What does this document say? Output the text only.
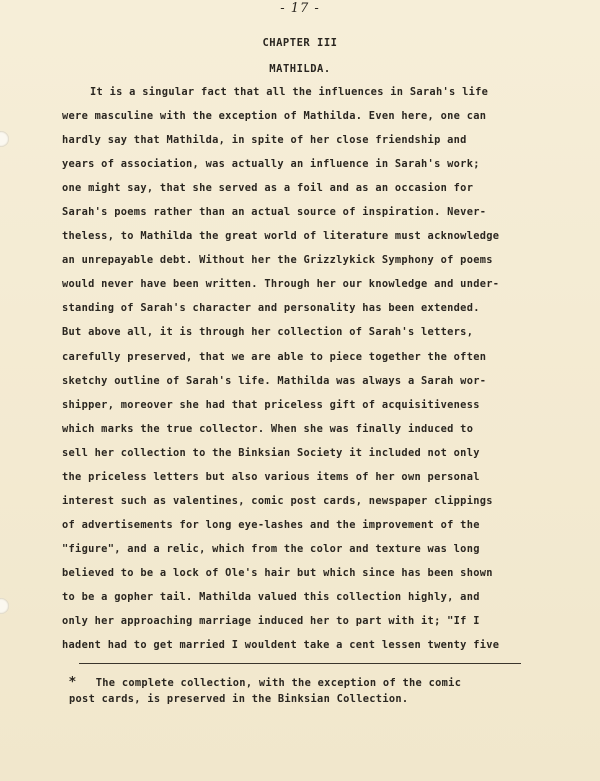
- 17 -
CHAPTER III
MATHILDA.
It is a singular fact that all the influences in Sarah's life
were masculine with the exception of Mathilda. Even here, one can
hardly say that Mathilda, in spite of her close friendship and
years of association, was actually an influence in Sarah's work;
one might say, that she served as a foil and as an occasion for
Sarah's poems rather than an actual source of inspiration. Never-
theless, to Mathilda the great world of literature must acknowledge
an unrepayable debt. Without her the Grizzlykick Symphony of poems
would never have been written. Through her our knowledge and under-
standing of Sarah's character and personality has been extended.
But above all, it is through her collection of Sarah's letters,
carefully preserved, that we are able to piece together the often
sketchy outline of Sarah's life. Mathilda was always a Sarah wor-
shipper, moreover she had that priceless gift of acquisitiveness
which marks the true collector. When she was finally induced to
sell her collection to the Binksian Society it included not only
the priceless letters but also various items of her own personal
interest such as valentines, comic post cards, newspaper clippings
of advertisements for long eye-lashes and the improvement of the
"figure", and a relic, which from the color and texture was long
believed to be a lock of Ole's hair but which since has been shown
to be a gopher tail. Mathilda valued this collection highly, and
only her approaching marriage induced her to part with it; "If I
hadent had to get married I wouldent take a cent lessen twenty five
* The complete collection, with the exception of the comic
post cards, is preserved in the Binksian Collection.
